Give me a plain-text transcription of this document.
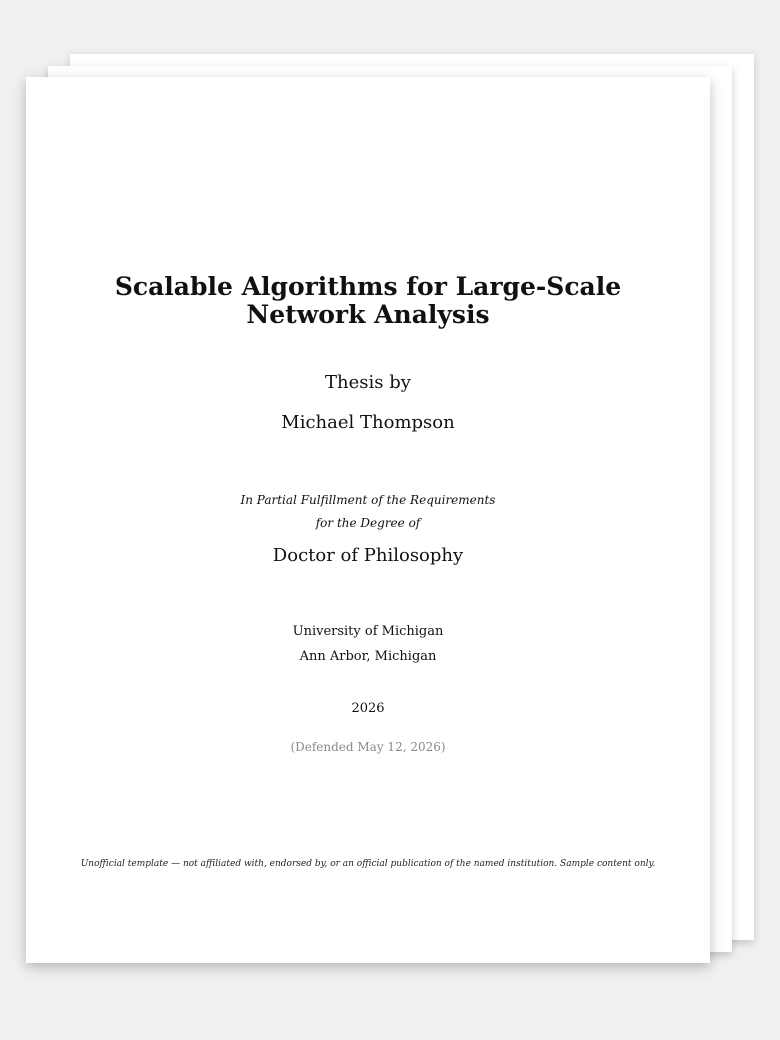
Scalable Algorithms for Large-Scale
Network Analysis
Thesis by
Michael Thompson
In Partial Fulfillment of the Requirements
for the Degree of
Doctor of Philosophy
University of Michigan
Ann Arbor, Michigan
2026
(Defended May 12, 2026)
Unofficial template — not affiliated with, endorsed by, or an official publication of the named institution. Sample content only.
